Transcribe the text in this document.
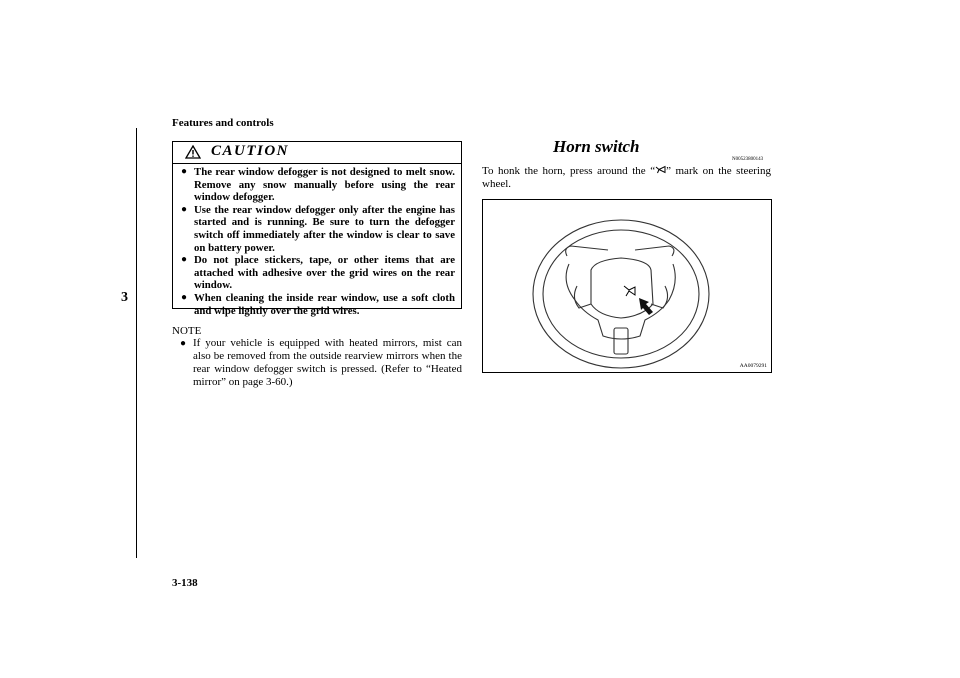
Features and controls
3
CAUTION
● The rear window defogger is not designed to melt snow. Remove any snow manually before using the rear window defogger.
● Use the rear window defogger only after the engine has started and is running. Be sure to turn the defogger switch off immediately after the window is clear to save on battery power.
● Do not place stickers, tape, or other items that are attached with adhesive over the grid wires on the rear window.
● When cleaning the inside rear window, use a soft cloth and wipe lightly over the grid wires.
NOTE
● If your vehicle is equipped with heated mirrors, mist can also be removed from the outside rearview mirrors when the rear window defogger switch is pressed. (Refer to “Heated mirror” on page 3-60.)
Horn switch
N00523800143
To honk the horn, press around the “ ” mark on the steering wheel.
AA0079291
3-138
